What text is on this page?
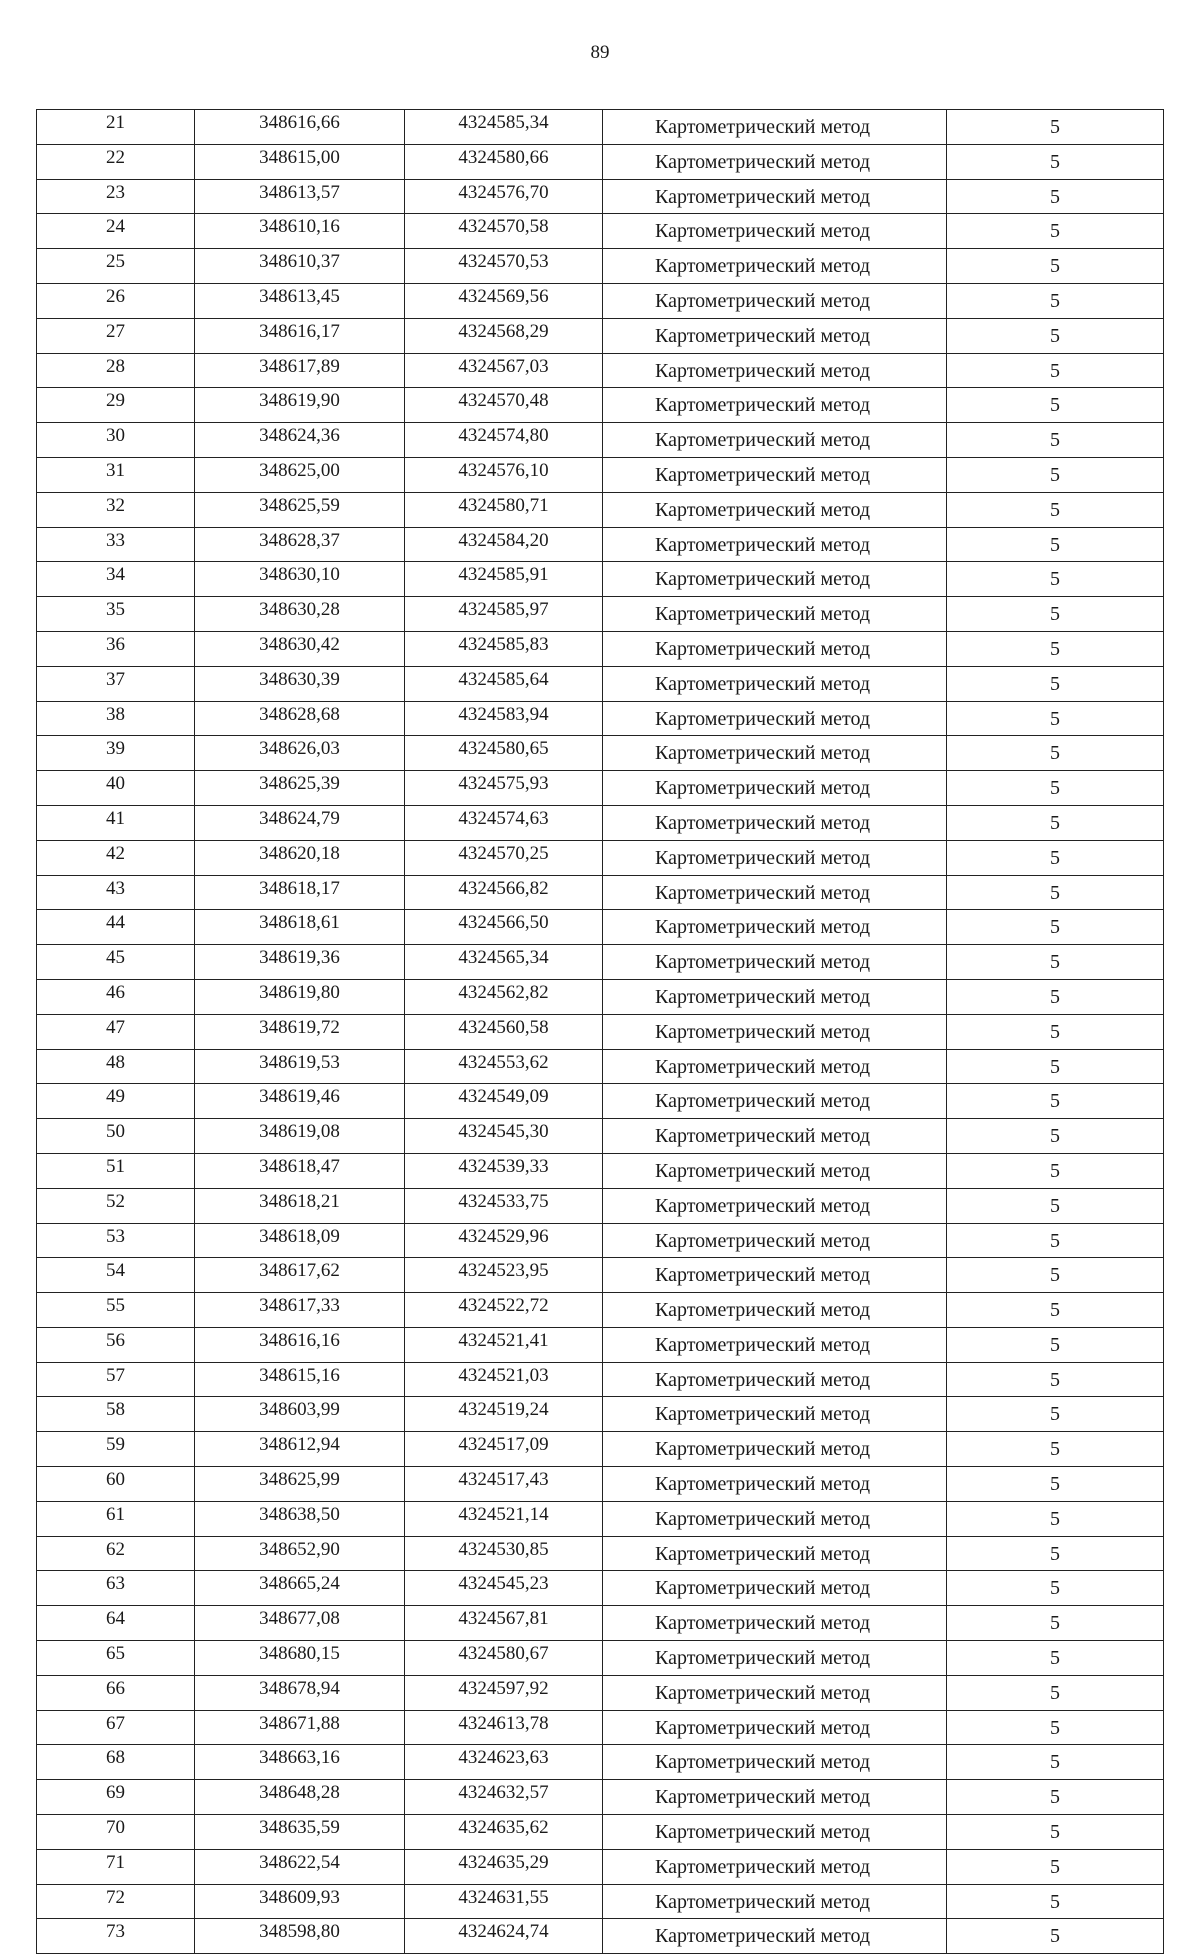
89
21	348616,66	4324585,34	Картометрический метод	5
22	348615,00	4324580,66	Картометрический метод	5
23	348613,57	4324576,70	Картометрический метод	5
24	348610,16	4324570,58	Картометрический метод	5
25	348610,37	4324570,53	Картометрический метод	5
26	348613,45	4324569,56	Картометрический метод	5
27	348616,17	4324568,29	Картометрический метод	5
28	348617,89	4324567,03	Картометрический метод	5
29	348619,90	4324570,48	Картометрический метод	5
30	348624,36	4324574,80	Картометрический метод	5
31	348625,00	4324576,10	Картометрический метод	5
32	348625,59	4324580,71	Картометрический метод	5
33	348628,37	4324584,20	Картометрический метод	5
34	348630,10	4324585,91	Картометрический метод	5
35	348630,28	4324585,97	Картометрический метод	5
36	348630,42	4324585,83	Картометрический метод	5
37	348630,39	4324585,64	Картометрический метод	5
38	348628,68	4324583,94	Картометрический метод	5
39	348626,03	4324580,65	Картометрический метод	5
40	348625,39	4324575,93	Картометрический метод	5
41	348624,79	4324574,63	Картометрический метод	5
42	348620,18	4324570,25	Картометрический метод	5
43	348618,17	4324566,82	Картометрический метод	5
44	348618,61	4324566,50	Картометрический метод	5
45	348619,36	4324565,34	Картометрический метод	5
46	348619,80	4324562,82	Картометрический метод	5
47	348619,72	4324560,58	Картометрический метод	5
48	348619,53	4324553,62	Картометрический метод	5
49	348619,46	4324549,09	Картометрический метод	5
50	348619,08	4324545,30	Картометрический метод	5
51	348618,47	4324539,33	Картометрический метод	5
52	348618,21	4324533,75	Картометрический метод	5
53	348618,09	4324529,96	Картометрический метод	5
54	348617,62	4324523,95	Картометрический метод	5
55	348617,33	4324522,72	Картометрический метод	5
56	348616,16	4324521,41	Картометрический метод	5
57	348615,16	4324521,03	Картометрический метод	5
58	348603,99	4324519,24	Картометрический метод	5
59	348612,94	4324517,09	Картометрический метод	5
60	348625,99	4324517,43	Картометрический метод	5
61	348638,50	4324521,14	Картометрический метод	5
62	348652,90	4324530,85	Картометрический метод	5
63	348665,24	4324545,23	Картометрический метод	5
64	348677,08	4324567,81	Картометрический метод	5
65	348680,15	4324580,67	Картометрический метод	5
66	348678,94	4324597,92	Картометрический метод	5
67	348671,88	4324613,78	Картометрический метод	5
68	348663,16	4324623,63	Картометрический метод	5
69	348648,28	4324632,57	Картометрический метод	5
70	348635,59	4324635,62	Картометрический метод	5
71	348622,54	4324635,29	Картометрический метод	5
72	348609,93	4324631,55	Картометрический метод	5
73	348598,80	4324624,74	Картометрический метод	5
